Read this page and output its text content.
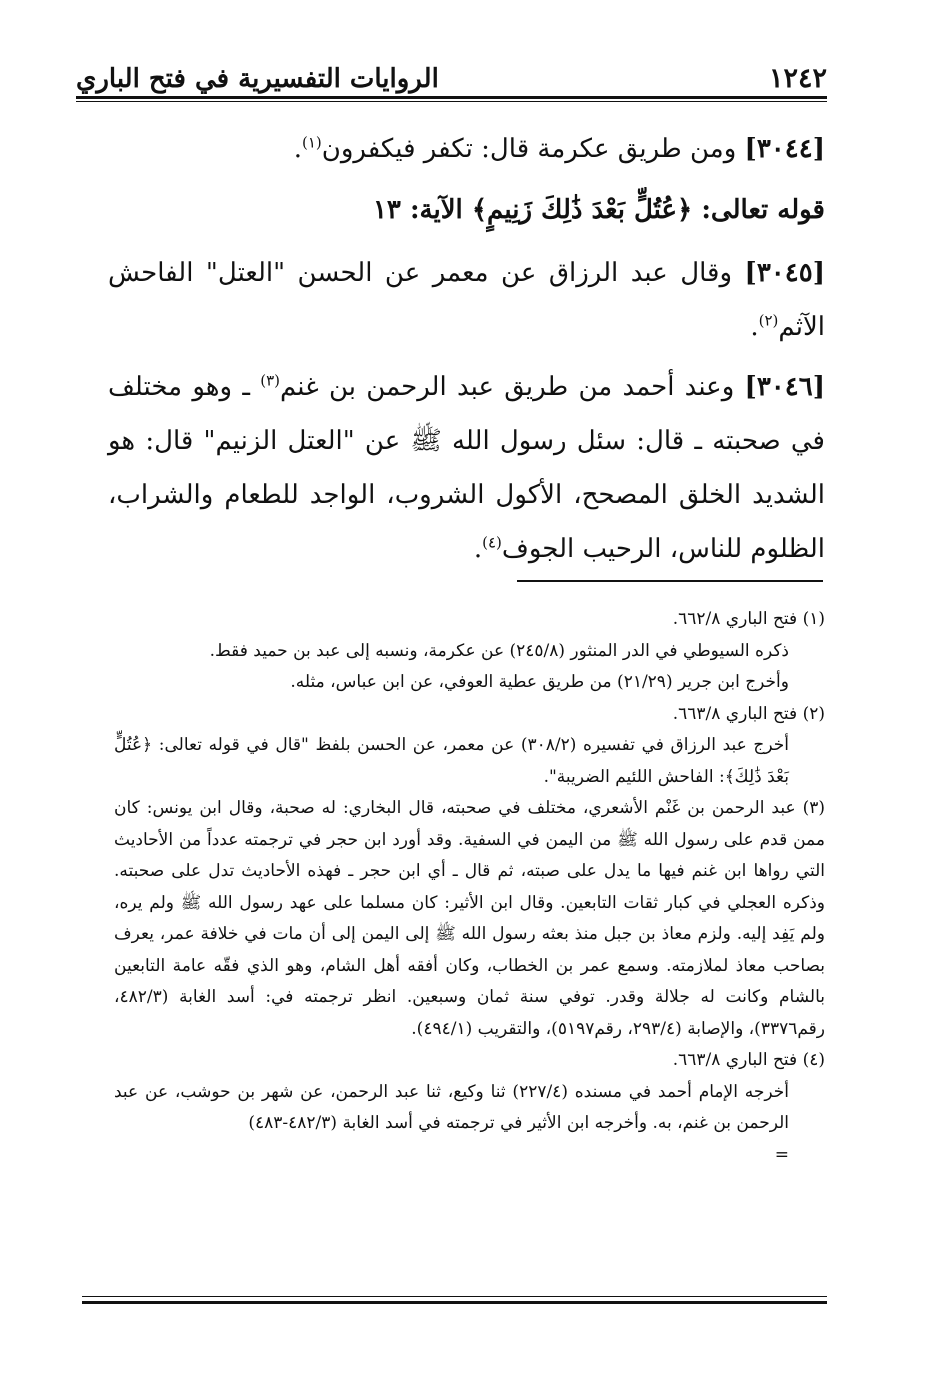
١٢٤٢
الروايات التفسيرية في فتح الباري

[٣٠٤٤] ومن طريق عكرمة قال: تكفر فيكفرون$^{(١)}$.

قوله تعالى: ﴿عُتُلٍّ بَعْدَ ذَٰلِكَ زَنِيمٍ﴾ الآية: ١٣

[٣٠٤٥] وقال عبد الرزاق عن معمر عن الحسن "العتل" الفاحش الآثم$^{(٢)}$.

[٣٠٤٦] وعند أحمد من طريق عبد الرحمن بن غنم$^{(٣)}$ ـ وهو مختلف في صحبته ـ قال: سئل رسول الله ﷺ عن "العتل الزنيم" قال: هو الشديد الخلق المصحح، الأكول الشروب، الواجد للطعام والشراب، الظلوم للناس، الرحيب الجوف$^{(٤)}$.

(١) فتح الباري ٦٦٢/٨.

ذكره السيوطي في الدر المنثور (٢٤٥/٨) عن عكرمة، ونسبه إلى عبد بن حميد فقط.

وأخرج ابن جرير (٢١/٢٩) من طريق عطية العوفي، عن ابن عباس، مثله.

(٢) فتح الباري ٦٦٣/٨.

أخرج عبد الرزاق في تفسيره (٣٠٨/٢) عن معمر، عن الحسن بلفظ "قال في قوله تعالى: ﴿عُتُلٍّ بَعْدَ ذَٰلِكَ﴾: الفاحش اللئيم الضريبة".

(٣) عبد الرحمن بن غَنْم الأشعري، مختلف في صحبته، قال البخاري: له صحبة، وقال ابن يونس: كان ممن قدم على رسول الله ﷺ من اليمن في السفية. وقد أورد ابن حجر في ترجمته عدداً من الأحاديث التي رواها ابن غنم فيها ما يدل على صبته، ثم قال ـ أي ابن حجر ـ فهذه الأحاديث تدل على صحبته. وذكره العجلي في كبار ثقات التابعين. وقال ابن الأثير: كان مسلما على عهد رسول الله ﷺ ولم يره، ولم يَفِد إليه. ولزم معاذ بن جبل منذ بعثه رسول الله ﷺ إلى اليمن إلى أن مات في خلافة عمر، يعرف بصاحب معاذ لملازمته. وسمع عمر بن الخطاب، وكان أفقه أهل الشام، وهو الذي فقّه عامة التابعين بالشام وكانت له جلالة وقدر. توفي سنة ثمان وسبعين. انظر ترجمته في: أسد الغابة (٤٨٢/٣، رقم٣٣٧٦)، والإصابة (٢٩٣/٤، رقم٥١٩٧)، والتقريب (٤٩٤/١).

(٤) فتح الباري ٦٦٣/٨.

أخرجه الإمام أحمد في مسنده (٢٢٧/٤) ثنا وكيع، ثنا عبد الرحمن، عن شهر بن حوشب، عن عبد الرحمن بن غنم، به. وأخرجه ابن الأثير في ترجمته في أسد الغابة (٤٨٢/٣-٤٨٣)
=
